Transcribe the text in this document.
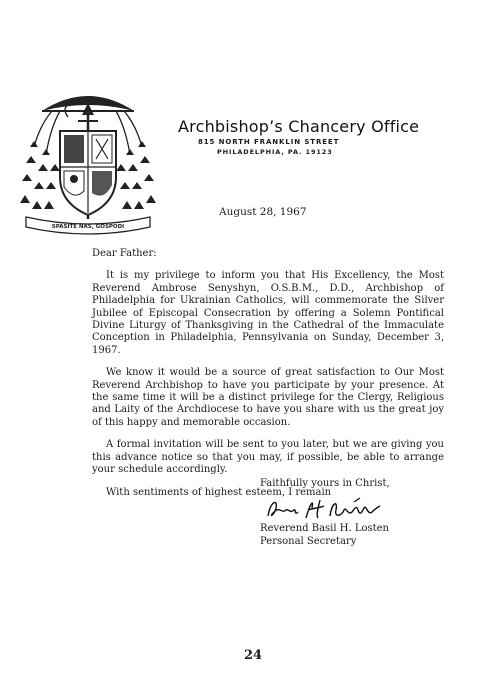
SPASITE NAS, GOSPODI
Archbishop’s Chancery Office
815 NORTH FRANKLIN STREET
PHILADELPHIA, PA. 19123
August 28, 1967

Dear Father:

It is my privilege to inform you that His Excellency, the Most Reverend Ambrose Senyshyn, O.S.B.M., D.D., Archbishop of Philadelphia for Ukrainian Catholics, will commemorate the Silver Jubilee of Episcopal Consecration by offering a Solemn Pontifical Divine Liturgy of Thanksgiving in the Cathedral of the Immaculate Conception in Philadelphia, Pennsylvania on Sunday, December 3, 1967.

We know it would be a source of great satisfaction to Our Most Reverend Archbishop to have you participate by your presence. At the same time it will be a distinct privilege for the Clergy, Religious and Laity of the Archdiocese to have you share with us the great joy of this happy and memorable occasion.

A formal invitation will be sent to you later, but we are giving you this advance notice so that you may, if possible, be able to arrange your schedule accordingly.

With sentiments of highest esteem, I remain

Faithfully yours in Christ,
Reverend Basil H. Losten
Personal Secretary
24
